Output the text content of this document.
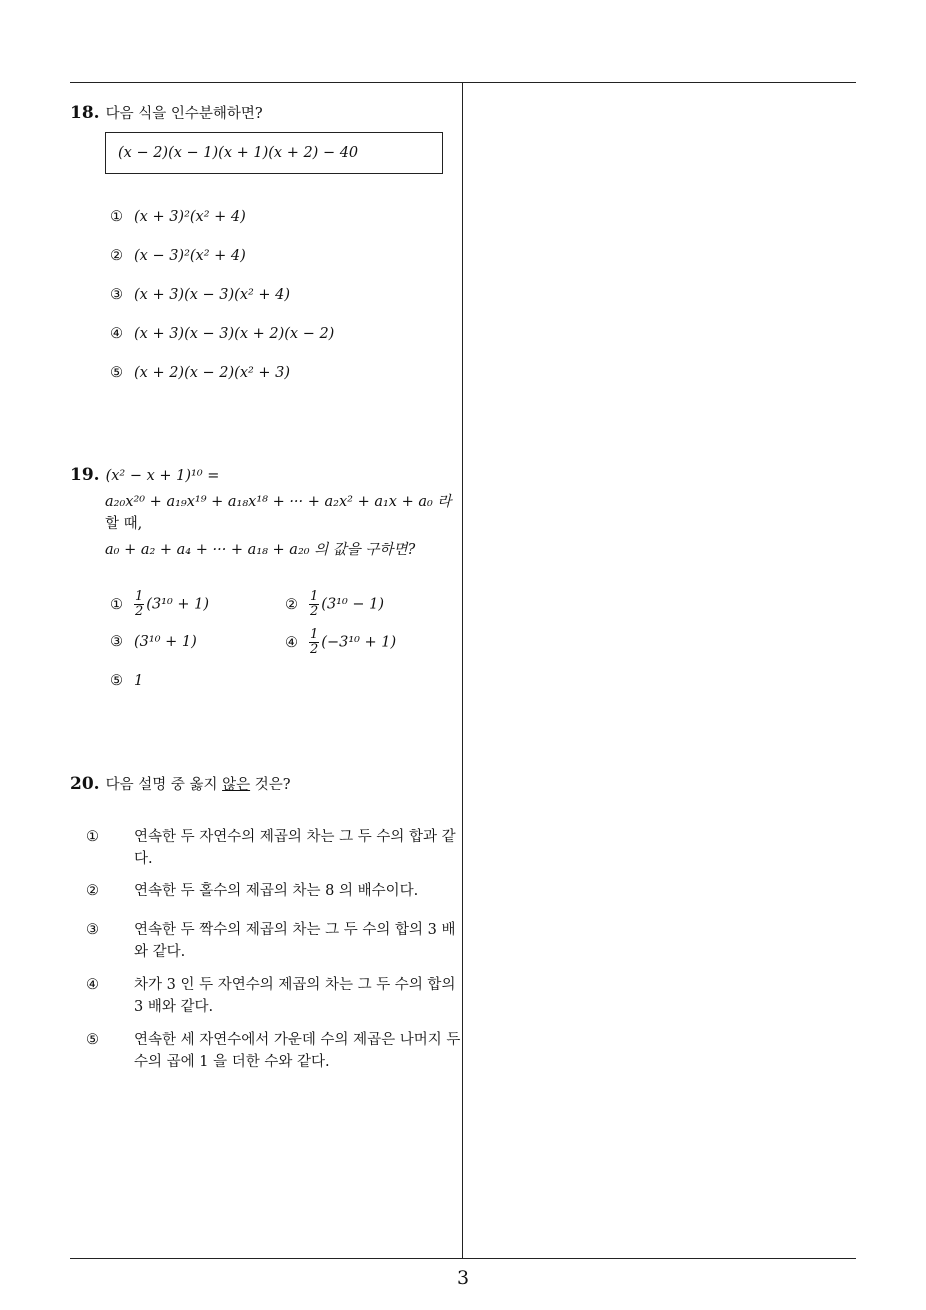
18. 다음 식을 인수분해하면?
(x − 2)(x − 1)(x + 1)(x + 2) − 40
① (x + 3)²(x² + 4)
② (x − 3)²(x² + 4)
③ (x + 3)(x − 3)(x² + 4)
④ (x + 3)(x − 3)(x + 2)(x − 2)
⑤ (x + 2)(x − 2)(x² + 3)
19. (x² − x + 1)¹⁰ =
a₂₀x²⁰ + a₁₉x¹⁹ + a₁₈x¹⁸ + ··· + a₂x² + a₁x + a₀ 라
할 때,
a₀ + a₂ + a₄ + ··· + a₁₈ + a₂₀ 의 값을 구하면?
① $\frac{1}{2} (3^{10} + 1)$	② $\frac{1}{2} (3^{10} - 1)$
③ (3¹⁰ + 1)	④ $\frac{1}{2} (-3^{10} + 1)$
⑤ 1
20. 다음 설명 중 옳지 않은 것은?
① 연속한 두 자연수의 제곱의 차는 그 두 수의 합과 같다.
② 연속한 두 홀수의 제곱의 차는 8 의 배수이다.
③ 연속한 두 짝수의 제곱의 차는 그 두 수의 합의 3 배와 같다.
④ 차가 3 인 두 자연수의 제곱의 차는 그 두 수의 합의 3 배와 같다.
⑤ 연속한 세 자연수에서 가운데 수의 제곱은 나머지 두 수의 곱에 1 을 더한 수와 같다.
3
